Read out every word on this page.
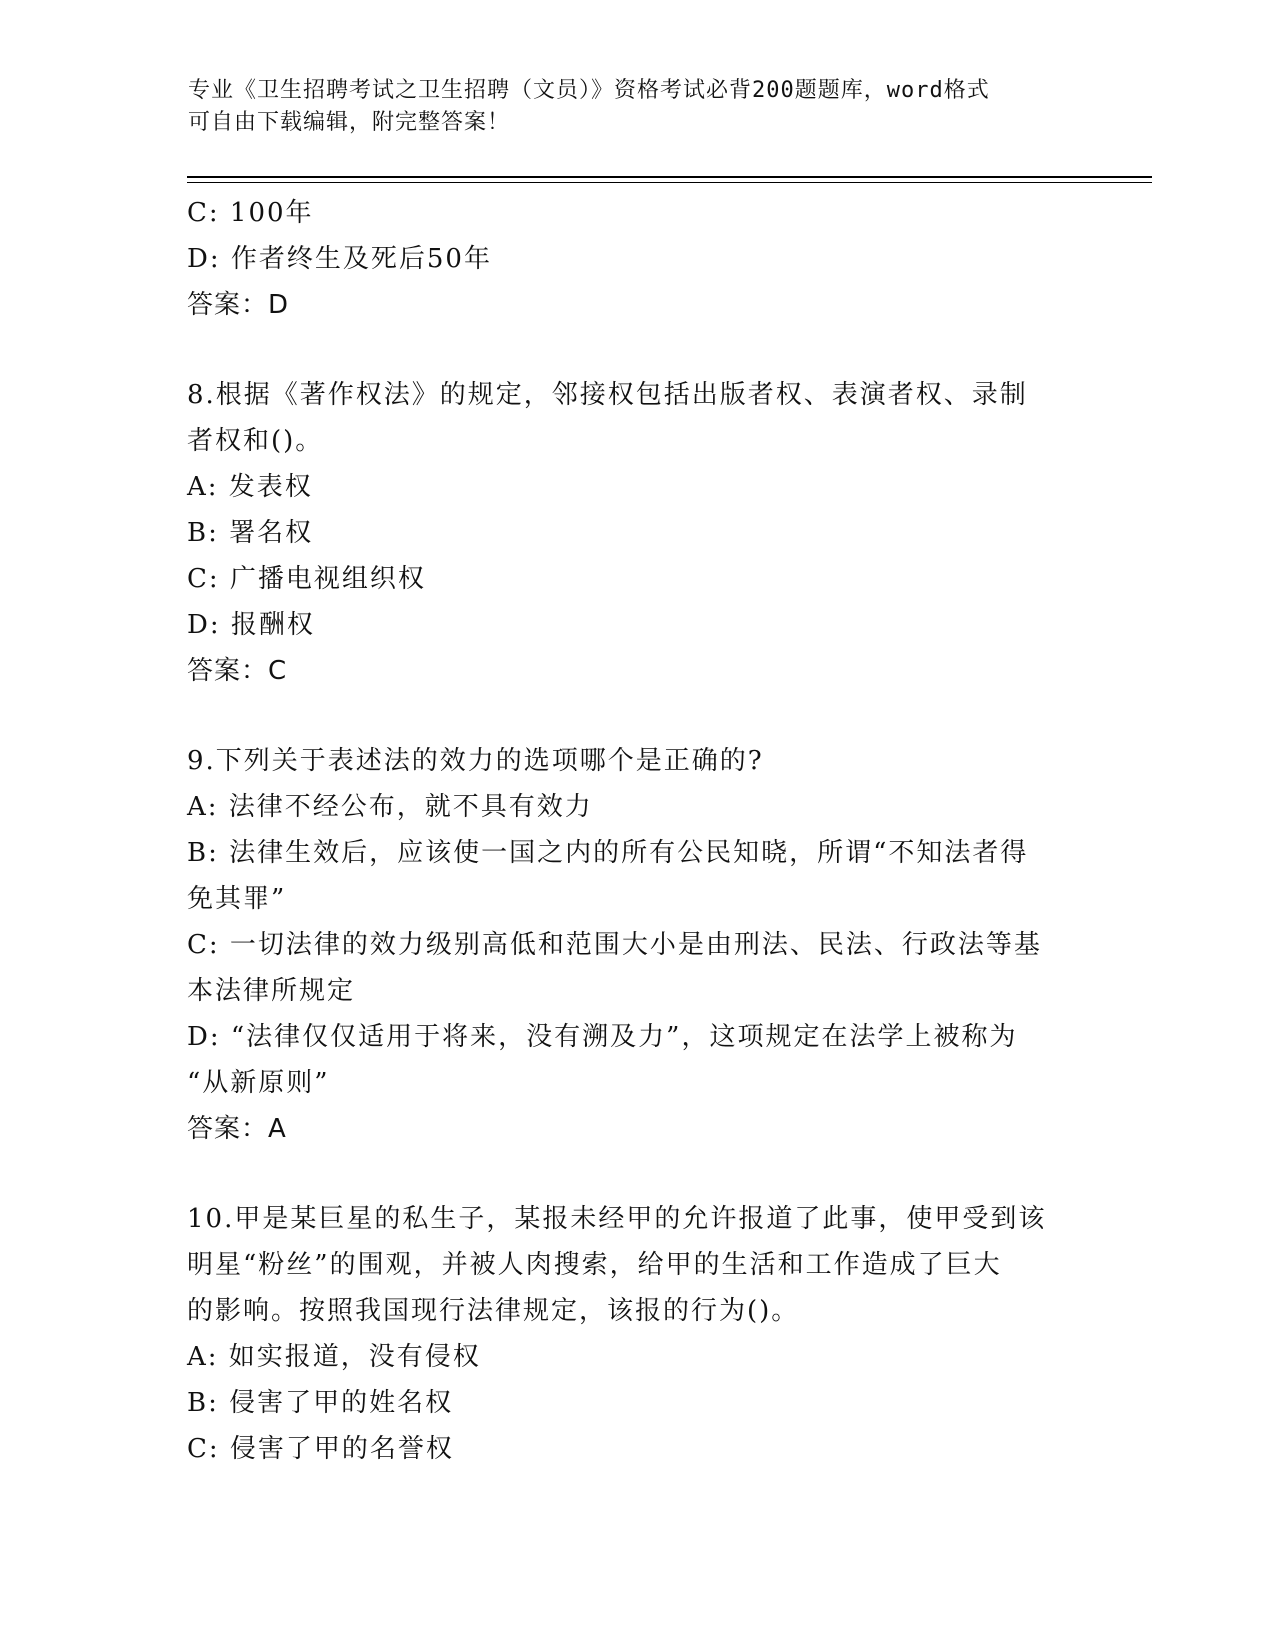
专业《卫生招聘考试之卫生招聘（文员）》资格考试必背200题题库，word格式
可自由下载编辑，附完整答案！
C: 100年
D: 作者终生及死后50年
答案：D
8.根据《著作权法》的规定，邻接权包括出版者权、表演者权、录制
者权和()。
A: 发表权
B: 署名权
C: 广播电视组织权
D: 报酬权
答案：C
9.下列关于表述法的效力的选项哪个是正确的?
A: 法律不经公布，就不具有效力
B: 法律生效后，应该使一国之内的所有公民知晓，所谓“不知法者得
免其罪”
C: 一切法律的效力级别高低和范围大小是由刑法、民法、行政法等基
本法律所规定
D: “法律仅仅适用于将来，没有溯及力”，这项规定在法学上被称为
“从新原则”
答案：A
10.甲是某巨星的私生子，某报未经甲的允许报道了此事，使甲受到该
明星“粉丝”的围观，并被人肉搜索，给甲的生活和工作造成了巨大
的影响。按照我国现行法律规定，该报的行为()。
A: 如实报道，没有侵权
B: 侵害了甲的姓名权
C: 侵害了甲的名誉权
